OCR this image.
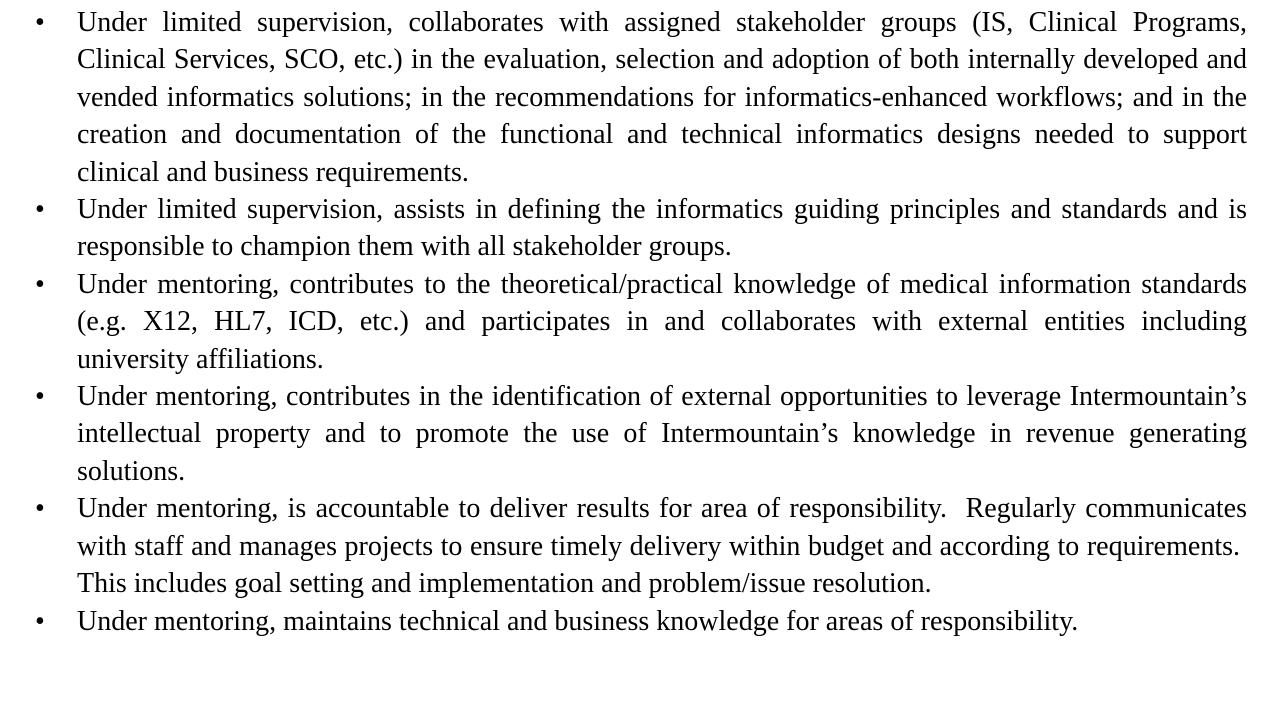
• Under limited supervision, collaborates with assigned stakeholder groups (IS, Clinical Programs, Clinical Services, SCO, etc.) in the evaluation, selection and adoption of both internally developed and vended informatics solutions; in the recommendations for informatics-enhanced workflows; and in the creation and documentation of the functional and technical informatics designs needed to support clinical and business requirements.
• Under limited supervision, assists in defining the informatics guiding principles and standards and is responsible to champion them with all stakeholder groups.
• Under mentoring, contributes to the theoretical/practical knowledge of medical information standards (e.g. X12, HL7, ICD, etc.) and participates in and collaborates with external entities including university affiliations.
• Under mentoring, contributes in the identification of external opportunities to leverage Intermountain’s intellectual property and to promote the use of Intermountain’s knowledge in revenue generating solutions.
• Under mentoring, is accountable to deliver results for area of responsibility.  Regularly communicates with staff and manages projects to ensure timely delivery within budget and according to requirements.  This includes goal setting and implementation and problem/issue resolution.
• Under mentoring, maintains technical and business knowledge for areas of responsibility.
